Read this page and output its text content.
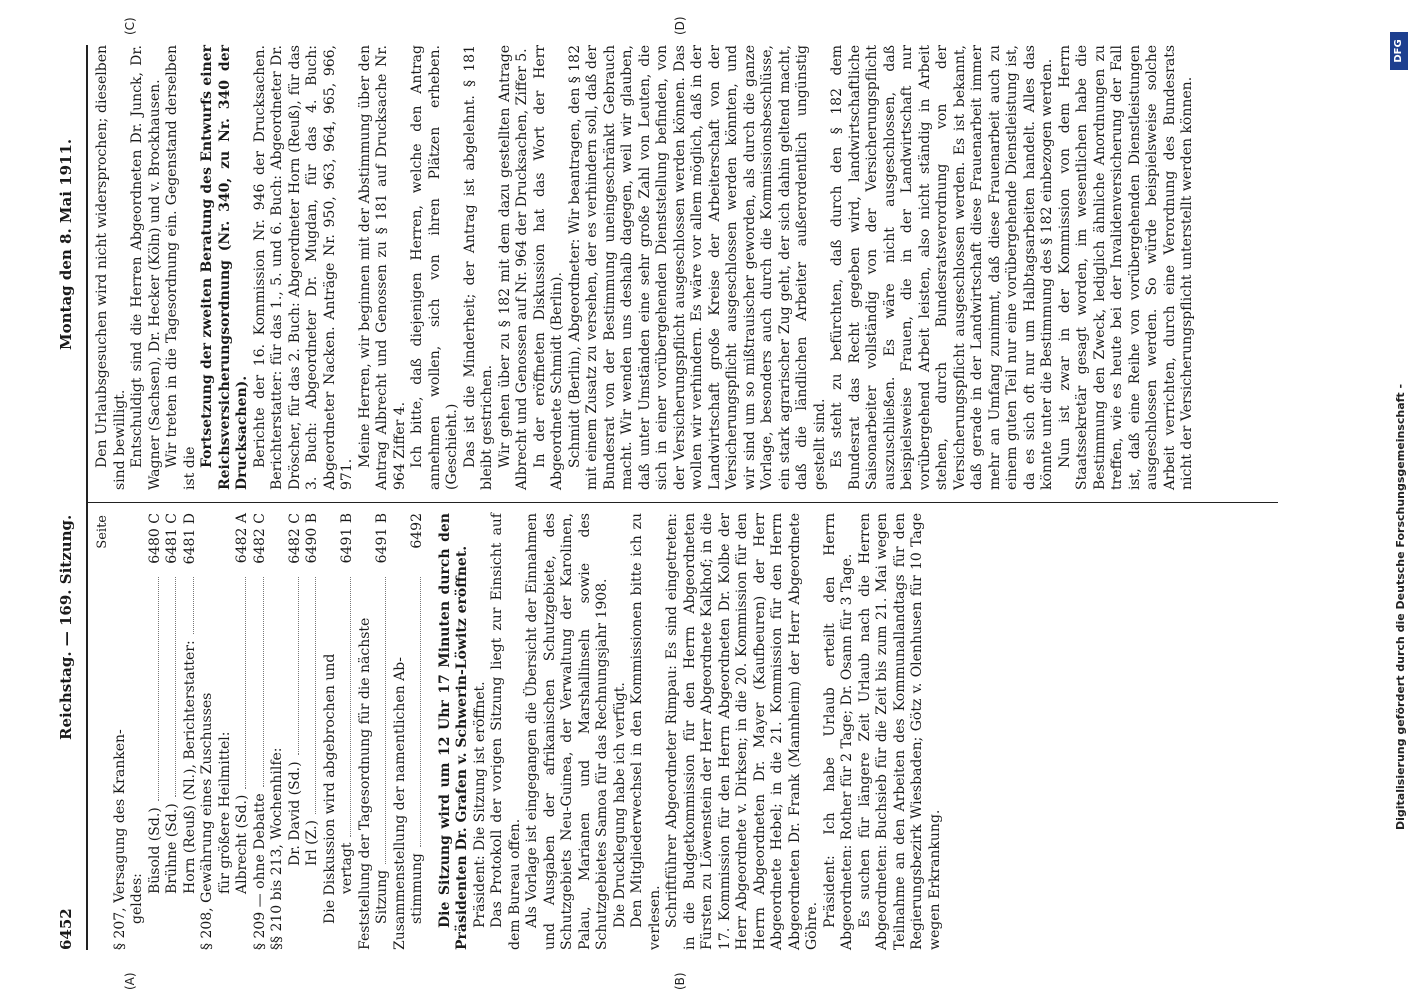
6452
Reichstag. — 169. Sitzung.
Montag den 8. Mai 1911.
(A)	(B)
(C)	(D)
Seite
§ 207, Versagung des Kranken- geldes:
Büsold (Sd.)
6480 C
Brühne (Sd.)
6481 C
Horn (Reuß) (Nl.), Berichterstatter:
6481 D
§ 208, Gewährung eines Zuschusses für größere Heilmittel: Albrecht (Sd.)
6482 A
§ 209 — ohne Debatte
6482 C
§§ 210 bis 213, Wochenhilfe: Dr. David (Sd.)
6482 C
Irl (Z.)
6490 B
Die Diskussion wird abgebrochen und vertagt
6491 B
Feststellung der Tagesordnung für die nächste Sitzung
6491 B
Zusammenstellung der namentlichen Ab- stimmung
6492 Die Sitzung wird um 12 Uhr 17 Minuten durch den Präsidenten Dr. Grafen v. Schwerin-Löwitz eröffnet. Präsident: Die Sitzung ist eröffnet. Das Protokoll der vorigen Sitzung liegt zur Einsicht auf dem Bureau offen. Als Vorlage ist eingegangen die Übersicht der Einnahmen und Ausgaben der afrikanischen Schutzgebiete, des Schutzgebiets Neu-Guinea, der Verwaltung der Karolinen, Palau, Marianen und Marshallinseln sowie des Schutzgebietes Samoa für das Rechnungsjahr 1908. Die Drucklegung habe ich verfügt. Den Mitgliederwechsel in den Kommissionen bitte ich zu verlesen. Schriftführer Abgeordneter Rimpau: Es sind eingetreten: in die Budgetkommission für den Herrn Abgeordneten Fürsten zu Löwenstein der Herr Abgeordnete Kalkhof; in die 17. Kommission für den Herrn Abgeordneten Dr. Kolbe der Herr Abgeordnete v. Dirksen; in die 20. Kommission für den Herrn Abgeordneten Dr. Mayer (Kaufbeuren) der Herr Abgeordnete Hebel; in die 21. Kommission für den Herrn Abgeordneten Dr. Frank (Mannheim) der Herr Abgeordnete Göhre. Präsident: Ich habe Urlaub erteilt den Herrn Abgeordneten: Rother für 2 Tage; Dr. Osann für 3 Tage. Es suchen für längere Zeit Urlaub nach die Herren Abgeordneten: Buchsieb für die Zeit bis zum 21. Mai wegen Teilnahme an den Arbeiten des Kommunallandtags für den Regierungsbezirk Wiesbaden; Götz v. Olenhusen für 10 Tage wegen Erkrankung.

Den Urlaubsgesuchen wird nicht widersprochen; dieselben sind bewilligt. Entschuldigt sind die Herren Abgeordneten Dr. Junck, Dr. Wagner (Sachsen), Dr. Hecker (Köln) und v. Brockhausen. Wir treten in die Tagesordnung ein. Gegenstand derselben ist die

Fortsetzung der zweiten Beratung des Entwurfs einer Reichsversicherungsordnung (Nr. 340, zu Nr. 340 der Drucksachen). Berichte der 16. Kommission Nr. 946 der Drucksachen. Berichterstatter: für das 1., 5. und 6. Buch: Abgeordneter Dr. Dröscher, für das 2. Buch: Abgeordneter Horn (Reuß), für das 3. Buch: Abgeordneter Dr. Mugdan, für das 4. Buch: Abgeordneter Nacken. Anträge Nr. 950, 963, 964, 965, 966, 971.

Meine Herren, wir beginnen mit der Abstimmung über den Antrag Albrecht und Genossen zu § 181 auf Drucksache Nr. 964 Ziffer 4. Ich bitte, daß diejenigen Herren, welche den Antrag annehmen wollen, sich von ihren Plätzen erheben. (Geschieht.) Das ist die Minderheit; der Antrag ist abgelehnt. § 181 bleibt gestrichen. Wir gehen über zu § 182 mit dem dazu gestellten Antrage Albrecht und Genossen auf Nr. 964 der Drucksachen, Ziffer 5. In der eröffneten Diskussion hat das Wort der Herr Abgeordnete Schmidt (Berlin). Schmidt (Berlin), Abgeordneter: Wir beantragen, den § 182 mit einem Zusatz zu versehen, der es verhindern soll, daß der Bundesrat von der Bestimmung uneingeschränkt Gebrauch macht. Wir wenden uns deshalb dagegen, weil wir glauben, daß unter Umständen eine sehr große Zahl von Leuten, die sich in einer vorübergehenden Dienststellung befinden, von der Versicherungspflicht ausgeschlossen werden können. Das wollen wir verhindern. Es wäre vor allem möglich, daß in der Landwirtschaft große Kreise der Arbeiterschaft von der Versicherungspflicht ausgeschlossen werden könnten, und wir sind um so mißtrauischer geworden, als durch die ganze Vorlage, besonders auch durch die Kommissionsbeschlüsse, ein stark agrarischer Zug geht, der sich dahin geltend macht, daß die ländlichen Arbeiter außerordentlich ungünstig gestellt sind. Es steht zu befürchten, daß durch den § 182 dem Bundesrat das Recht gegeben wird, landwirtschaftliche Saisonarbeiter vollständig von der Versicherungspflicht auszuschließen. Es wäre nicht ausgeschlossen, daß beispielsweise Frauen, die in der Landwirtschaft nur vorübergehend Arbeit leisten, also nicht ständig in Arbeit stehen, durch Bundesratsverordnung von der Versicherungspflicht ausgeschlossen werden. Es ist bekannt, daß gerade in der Landwirtschaft diese Frauenarbeit immer mehr an Umfang zunimmt, daß diese Frauenarbeit auch zu einem guten Teil nur eine vorübergehende Dienstleistung ist, da es sich oft nur um Halbtagsarbeiten handelt. Alles das könnte unter die Bestimmung des § 182 einbezogen werden. Nun ist zwar in der Kommission von dem Herrn Staatssekretär gesagt worden, im wesentlichen habe die Bestimmung den Zweck, lediglich ähnliche Anordnungen zu treffen, wie es heute bei der Invalidenversicherung der Fall ist, daß eine Reihe von vorübergehenden Dienstleistungen ausgeschlossen werden. So würde beispielsweise solche Arbeit verrichten, durch eine Verordnung des Bundesrats nicht der Versicherungspflicht unterstellt werden können.

Digitalisierung gefördert durch die Deutsche Forschungsgemeinschaft -
DFG
